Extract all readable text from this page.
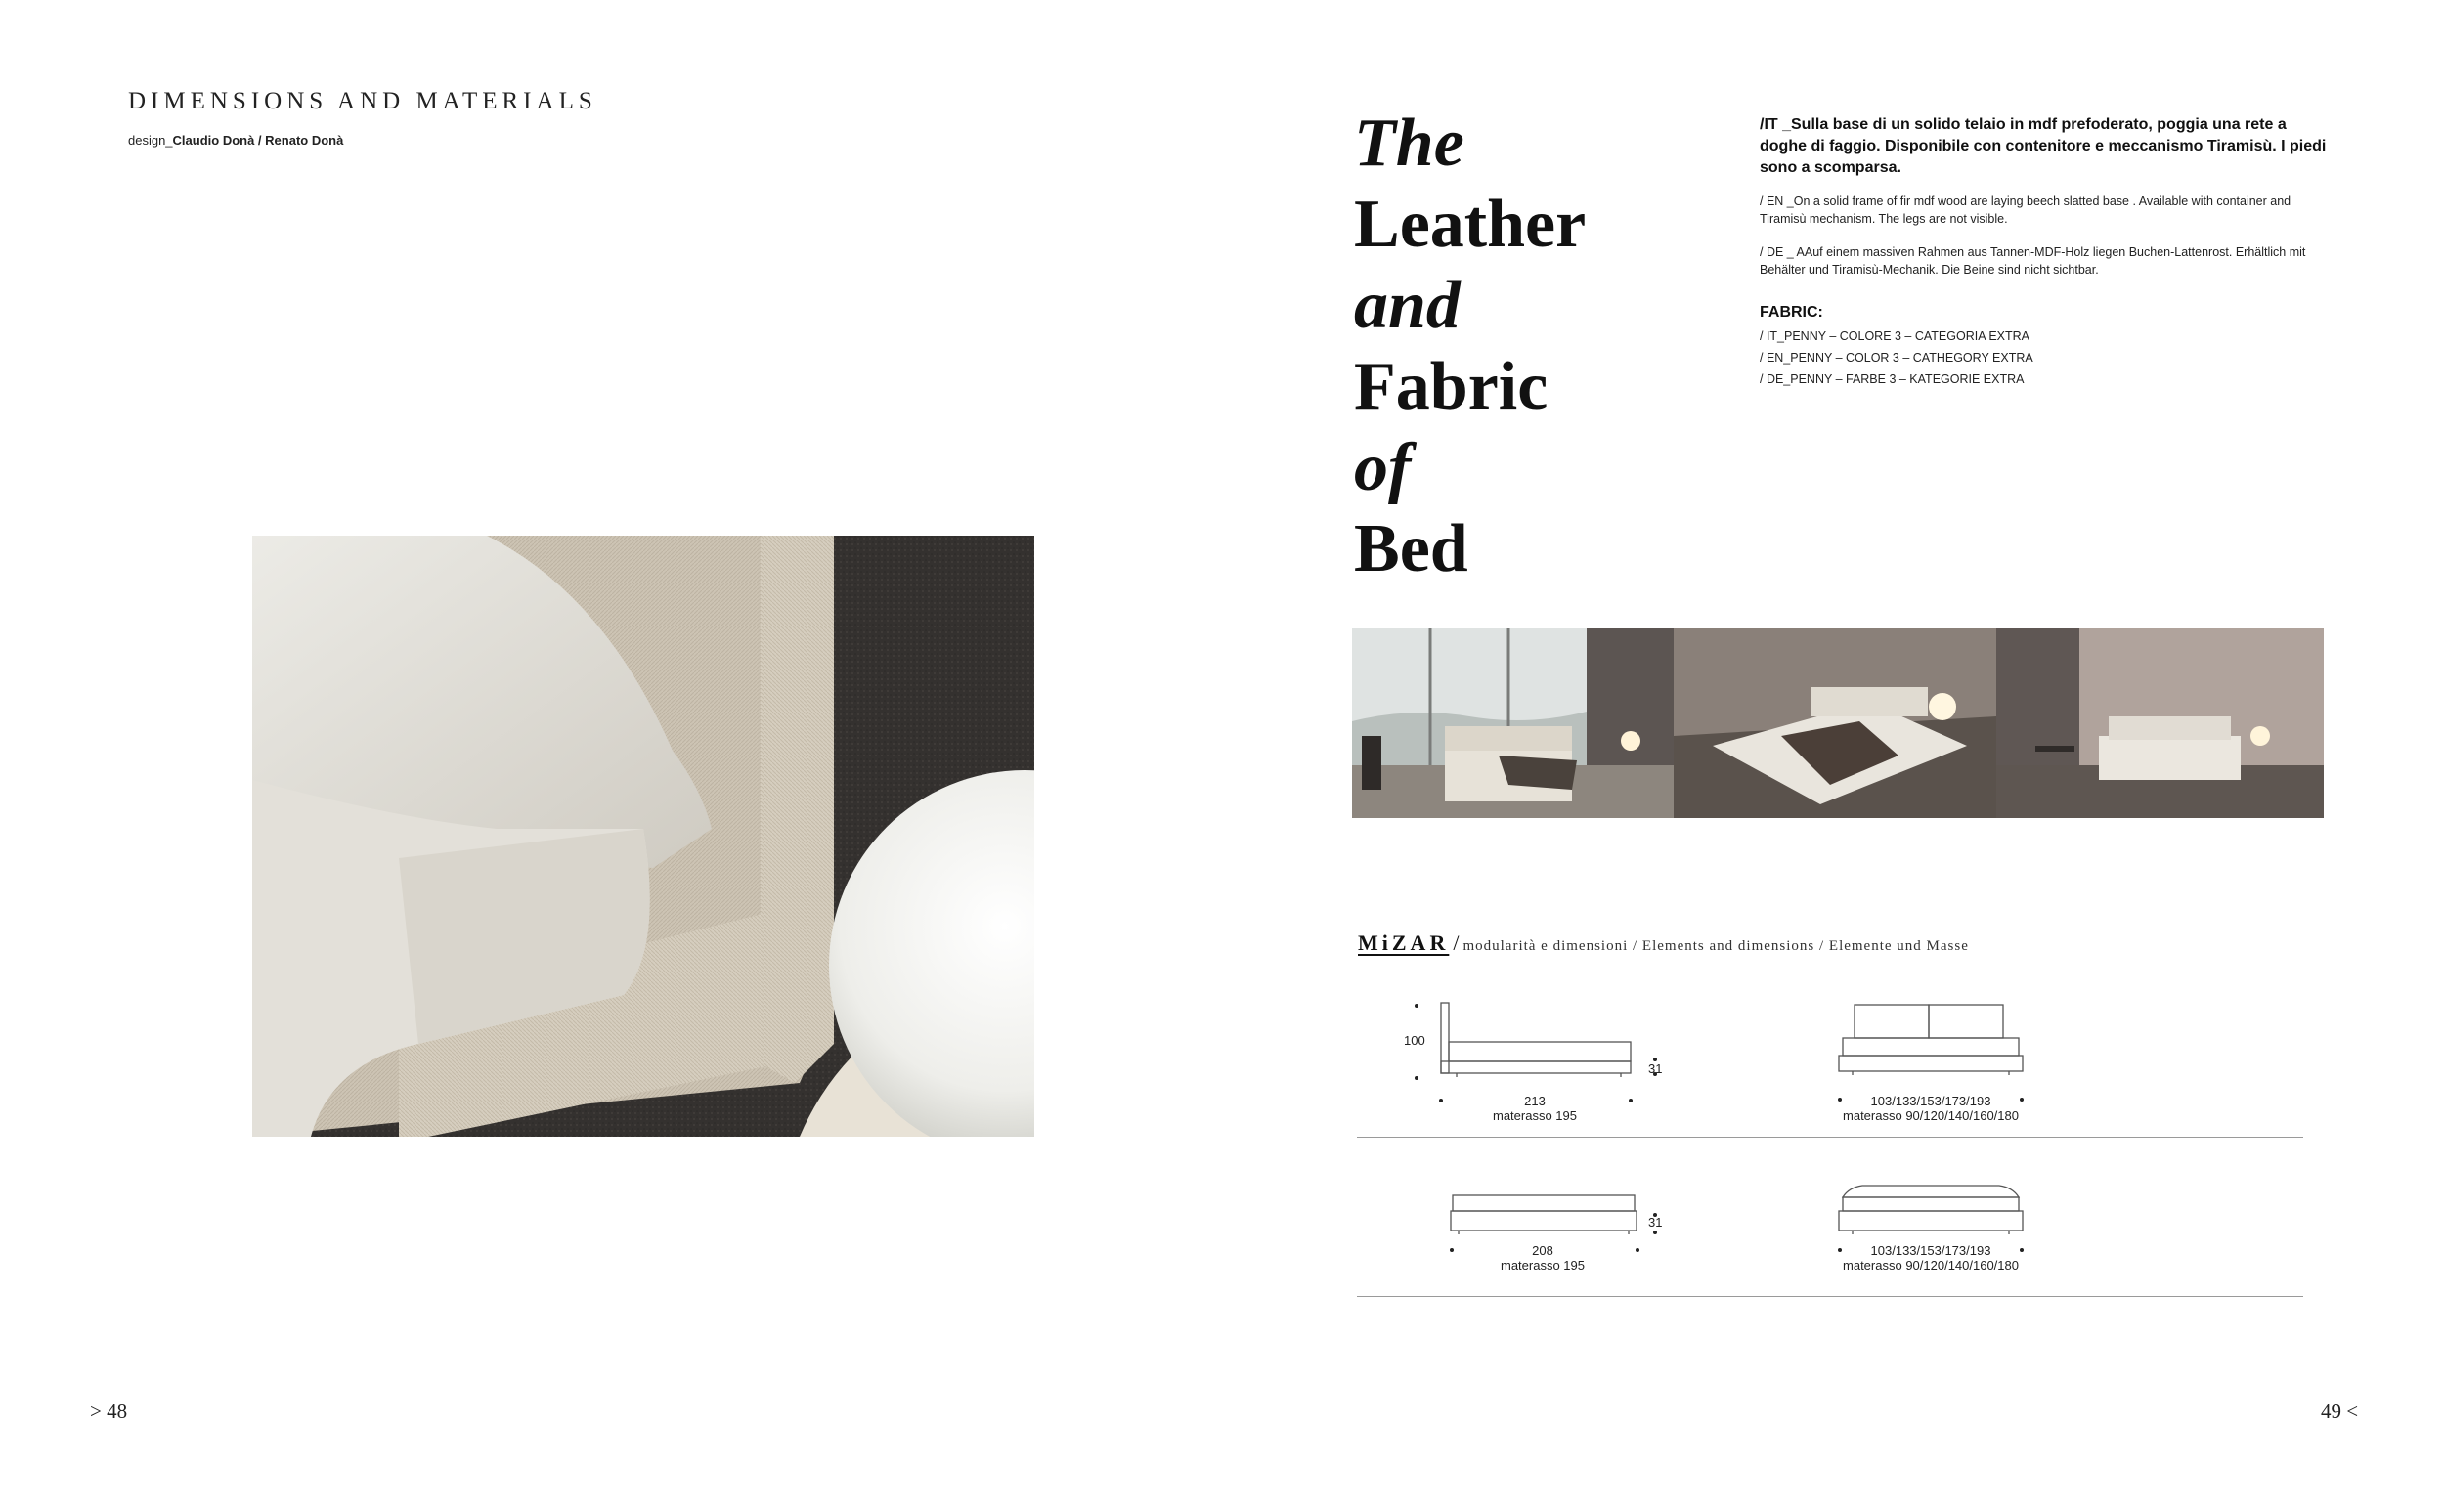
DIMENSIONS AND MATERIALS
design_Claudio Donà / Renato Donà	The
Leather
and
Fabric
of
Bed

/IT _Sulla base di un solido telaio in mdf prefoderato, poggia una rete a doghe di faggio. Disponibile con contenitore e meccanismo Tiramisù. I piedi sono a scomparsa.

/ EN _On a solid frame of fir mdf wood are laying beech slatted base . Available with container and Tiramisù mechanism. The legs are not visible.

/ DE _ AAuf einem massiven Rahmen aus Tannen-MDF-Holz liegen Buchen-Lattenrost. Erhältlich mit Behälter und Tiramisù-Mechanik. Die Beine sind nicht sichtbar.

FABRIC:
/ IT_PENNY – COLORE 3 – CATEGORIA EXTRA
/ EN_PENNY – COLOR 3 – CATHEGORY EXTRA
/ DE_PENNY – FARBE 3 – KATEGORIE EXTRA
MiZAR / modularità e dimensioni / Elements and dimensions / Elemente und Masse
100
31
213
materasso 195
103/133/153/173/193
materasso 90/120/140/160/180
31
208
materasso 195
103/133/153/173/193
materasso 90/120/140/160/180
> 48	49 <
